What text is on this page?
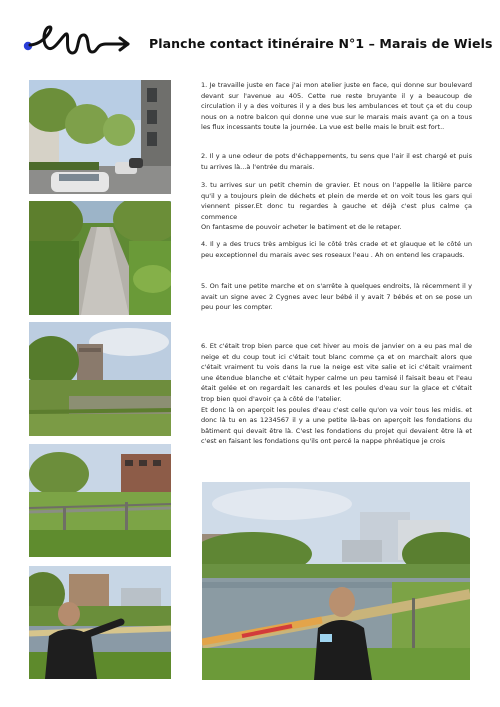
Planche contact itinéraire N°1 – Marais de Wiels

1. Je travaille juste en face j'ai mon atelier juste en face, qui donne sur boulevard devant sur l'avenue au 405. Cette rue reste bruyante il y a beaucoup de circulation il y a des voitures il y a des bus les ambulances et tout ça et du coup nous on a notre balcon qui donne une vue sur le marais mais avant ça on a tous les flux incessants toute la journée. La vue est belle mais le bruit est fort..

2. Il y a une odeur de pots d'échappements, tu sens que l'air il est chargé et puis tu arrives là...à l'entrée du marais.

3. tu arrives sur un petit chemin de gravier. Et nous on l'appelle la litière parce qu'il y a toujours plein de déchets et plein de merde et on voit tous les gars qui viennent pisser.Et donc tu regardes à gauche et déjà c'est plus calme ça commence
On fantasme de pouvoir acheter le batiment et de le retaper.

4. Il y a des trucs très ambigus ici le côté très crade et et glauque et le côté un peu exceptionnel du marais avec ses roseaux l'eau . Ah on entend les crapauds.

5. On fait une petite marche et on s'arrête à quelques endroits, là récemment il y avait un signe avec 2 Cygnes avec leur bébé il y avait 7 bébés et on se pose un peu pour les compter.

6. Et c'était trop bien parce que cet hiver au mois de janvier on a eu pas mal de neige et du coup tout ici c'était tout blanc comme ça et on marchait alors que c'était vraiment tu vois dans la rue la neige est vite salie et ici c'était vraiment une étendue blanche et c'était hyper calme un peu tamisé il faisait beau et l'eau était gelée et on regardait les canards et les poules d'eau sur la glace et c'était trop bien quoi d'avoir ça à côté de l'atelier.
Et donc là on aperçoit les poules d'eau c'est celle qu'on va voir tous les midis. et donc là tu en as 1234567 il y a une petite là-bas on aperçoit les fondations du bâtiment qui devait être là. C'est les fondations du projet qui devaient être là et c'est en faisant les fondations qu'ils ont percé la nappe phréatique je crois
